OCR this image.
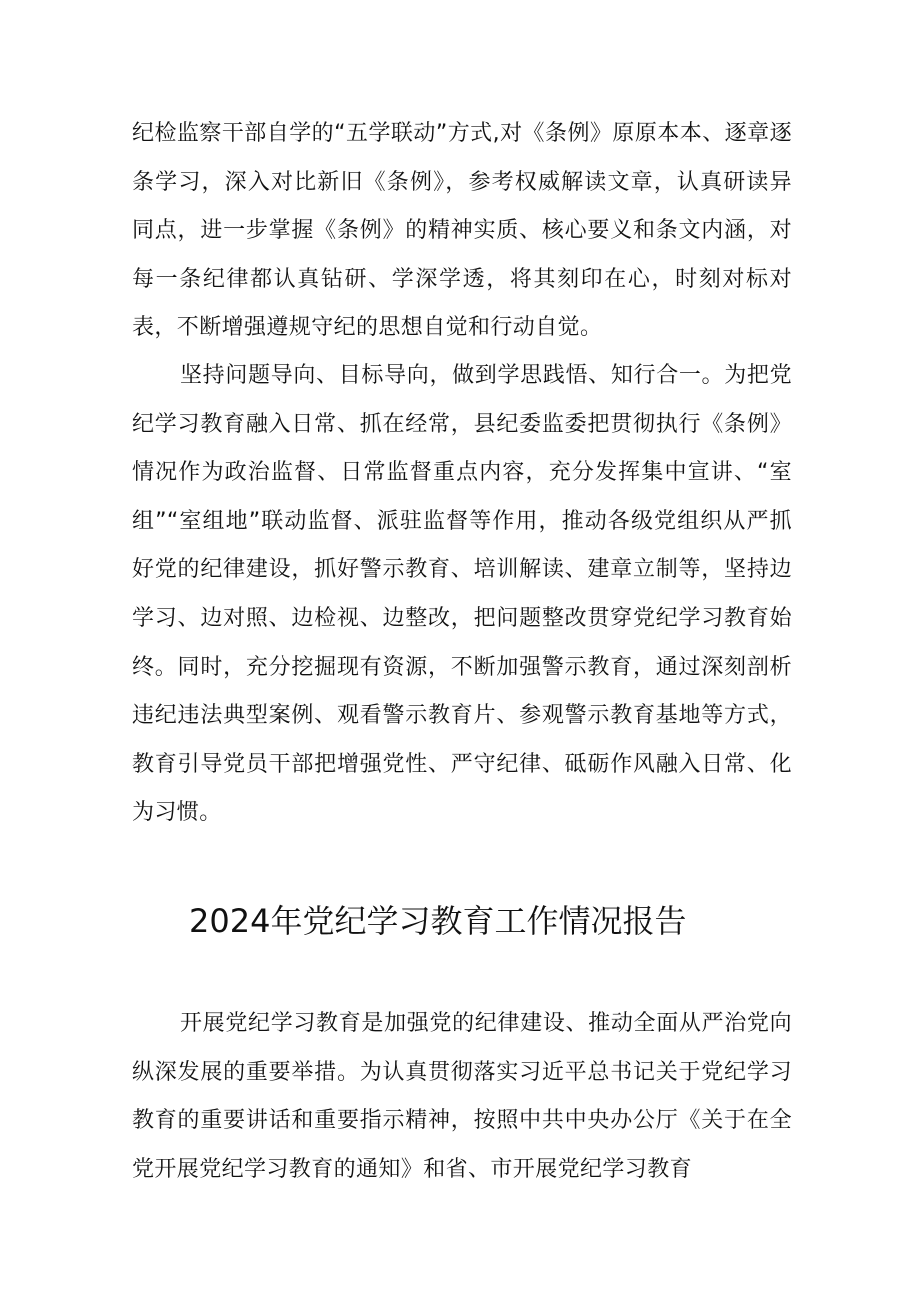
纪检监察干部自学的“五学联动”方式,对《条例》原原本本、逐章逐条学习，深入对比新旧《条例》，参考权威解读文章，认真研读异同点，进一步掌握《条例》的精神实质、核心要义和条文内涵，对每一条纪律都认真钻研、学深学透，将其刻印在心，时刻对标对表，不断增强遵规守纪的思想自觉和行动自觉。

坚持问题导向、目标导向，做到学思践悟、知行合一。为把党纪学习教育融入日常、抓在经常，县纪委监委把贯彻执行《条例》情况作为政治监督、日常监督重点内容，充分发挥集中宣讲、“室组”“室组地”联动监督、派驻监督等作用，推动各级党组织从严抓好党的纪律建设，抓好警示教育、培训解读、建章立制等，坚持边学习、边对照、边检视、边整改，把问题整改贯穿党纪学习教育始终。同时，充分挖掘现有资源，不断加强警示教育，通过深刻剖析违纪违法典型案例、观看警示教育片、参观警示教育基地等方式，教育引导党员干部把增强党性、严守纪律、砥砺作风融入日常、化为习惯。

2024年党纪学习教育工作情况报告

开展党纪学习教育是加强党的纪律建设、推动全面从严治党向纵深发展的重要举措。为认真贯彻落实习近平总书记关于党纪学习教育的重要讲话和重要指示精神，按照中共中央办公厅《关于在全党开展党纪学习教育的通知》和省、市开展党纪学习教育
